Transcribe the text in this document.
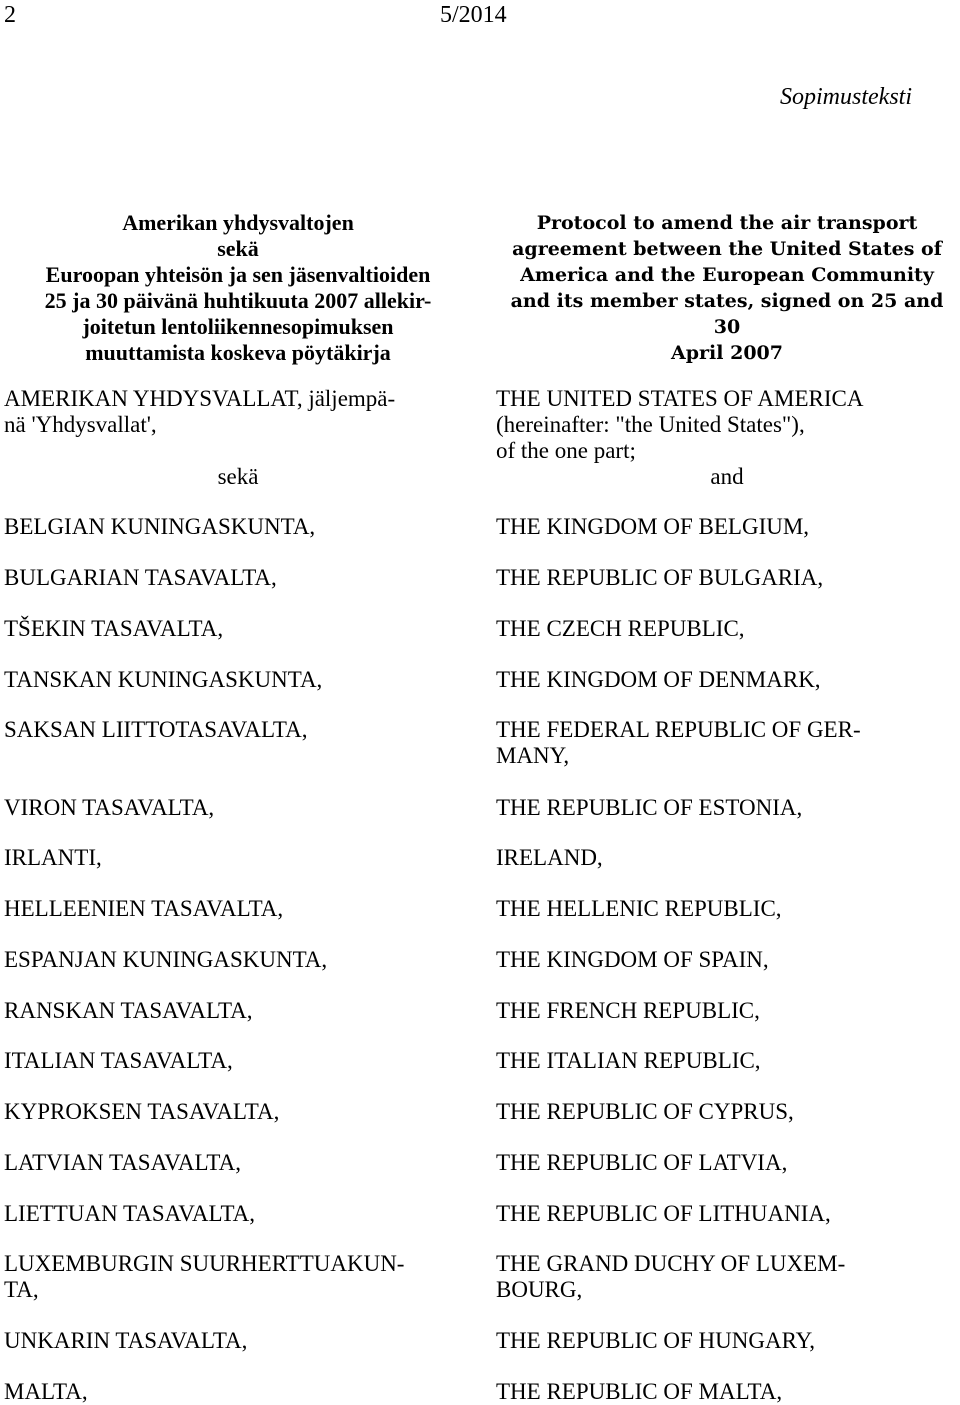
2	5/2014
Sopimusteksti

Amerikan yhdysvaltojen

sekä

Euroopan yhteisön ja sen jäsenvaltioiden

25 ja 30 päivänä huhtikuuta 2007 allekir-

joitetun lentoliikennesopimuksen

muuttamista koskeva pöytäkirja

AMERIKAN YHDYSVALLAT, jäljempä-

nä 'Yhdysvallat',

sekä

BELGIAN KUNINGASKUNTA,

BULGARIAN TASAVALTA,

TŠEKIN TASAVALTA,

TANSKAN KUNINGASKUNTA,

SAKSAN LIITTOTASAVALTA,

VIRON TASAVALTA,

IRLANTI,

HELLEENIEN TASAVALTA,

ESPANJAN KUNINGASKUNTA,

RANSKAN TASAVALTA,

ITALIAN TASAVALTA,

KYPROKSEN TASAVALTA,

LATVIAN TASAVALTA,

LIETTUAN TASAVALTA,

LUXEMBURGIN SUURHERTTUAKUN-

TA,

UNKARIN TASAVALTA,

MALTA,

Protocol to amend the air transport

agreement between the United States of

America and the European Community

and its member states, signed on 25 and 30

April 2007

THE UNITED STATES OF AMERICA

(hereinafter: "the United States"),

of the one part;

and

THE KINGDOM OF BELGIUM,

THE REPUBLIC OF BULGARIA,

THE CZECH REPUBLIC,

THE KINGDOM OF DENMARK,

THE FEDERAL REPUBLIC OF GER-

MANY,

THE REPUBLIC OF ESTONIA,

IRELAND,

THE HELLENIC REPUBLIC,

THE KINGDOM OF SPAIN,

THE FRENCH REPUBLIC,

THE ITALIAN REPUBLIC,

THE REPUBLIC OF CYPRUS,

THE REPUBLIC OF LATVIA,

THE REPUBLIC OF LITHUANIA,

THE GRAND DUCHY OF LUXEM-

BOURG,

THE REPUBLIC OF HUNGARY,

THE REPUBLIC OF MALTA,
